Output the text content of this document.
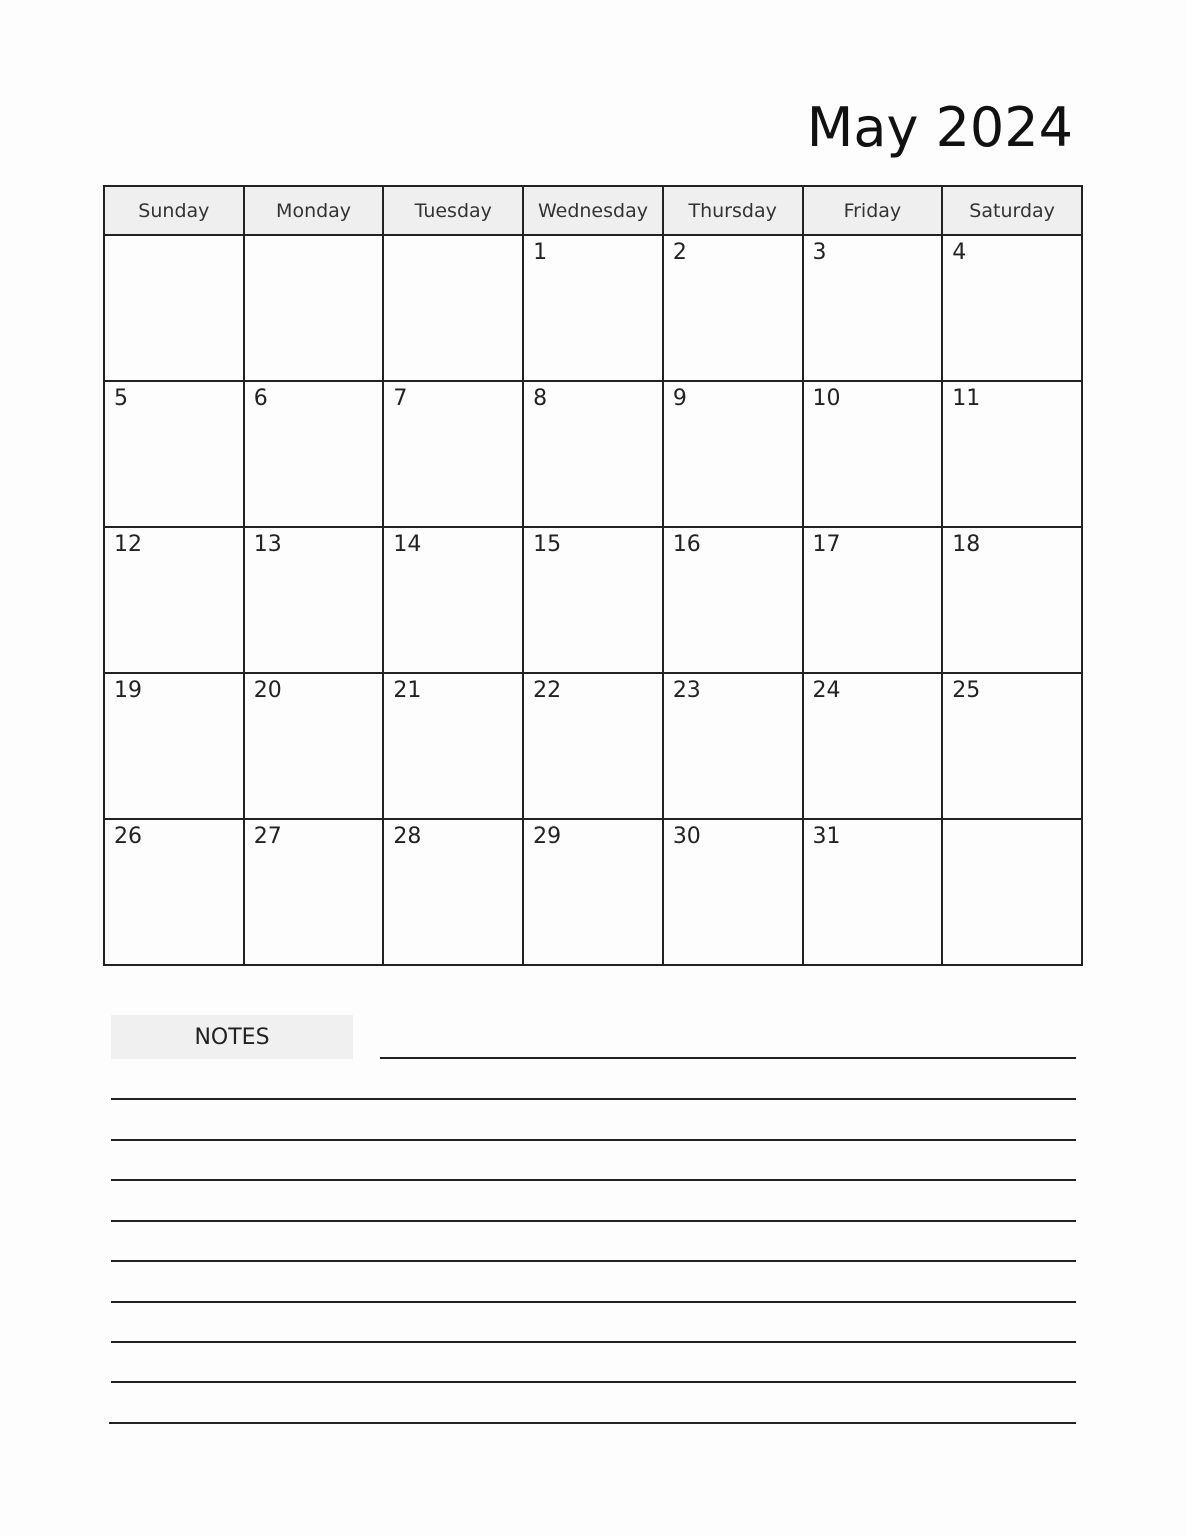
May 2024
Sunday	Monday	Tuesday	Wednesday	Thursday	Friday	Saturday

			1	2	3	4

5	6	7	8	9	10	11

12	13	14	15	16	17	18

19	20	21	22	23	24	25

26	27	28	29	30	31	

NOTES
